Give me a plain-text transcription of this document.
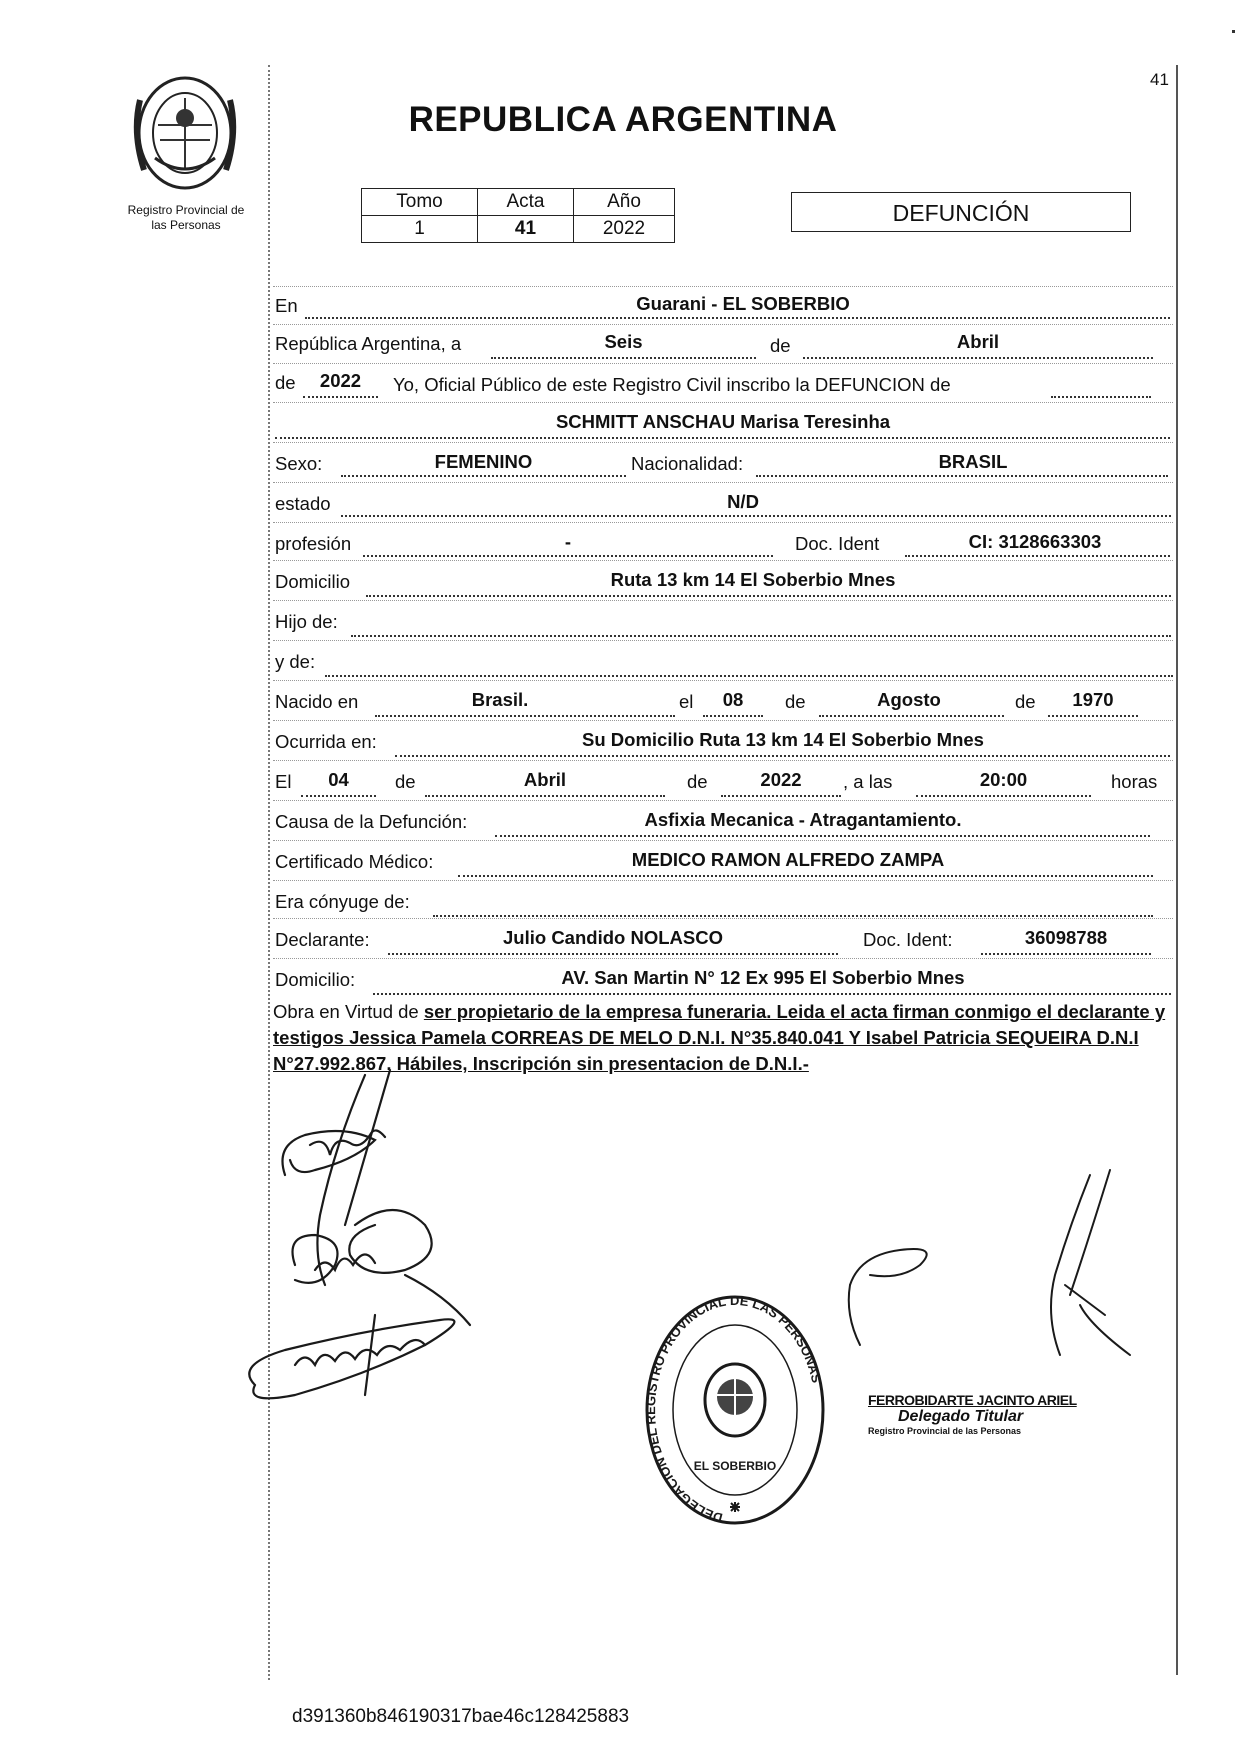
Registro Provincial de
las Personas
41
REPUBLICA ARGENTINA
Tomo	Acta	Año
1	41	2022
DEFUNCIÓN
En	Guarani - EL SOBERBIO
República Argentina, a	Seis	de	Abril
de	2022	Yo, Oficial Público de este Registro Civil inscribo la DEFUNCION de
SCHMITT ANSCHAU Marisa Teresinha
Sexo:	FEMENINO	Nacionalidad:	BRASIL
estado	N/D
profesión	-	Doc. Ident	CI: 3128663303
Domicilio	Ruta 13 km 14 El Soberbio Mnes
Hijo de:
y de:
Nacido en	Brasil.	el	08	de	Agosto	de	1970
Ocurrida en:	Su Domicilio Ruta 13 km 14 El Soberbio Mnes
El	04	de	Abril	de	2022	, a las	20:00	horas
Causa de la Defunción:	Asfixia Mecanica - Atragantamiento.
Certificado Médico:	MEDICO RAMON ALFREDO ZAMPA
Era cónyuge de:
Declarante:	Julio Candido NOLASCO	Doc. Ident:	36098788
Domicilio:	AV. San Martin N° 12 Ex 995 El Soberbio Mnes
Obra en Virtud de ser propietario de la empresa funeraria. Leida el acta firman conmigo el declarante y testigos Jessica Pamela CORREAS DE MELO D.N.I. N°35.840.041 Y Isabel Patricia SEQUEIRA D.N.I N°27.992.867. Hábiles, Inscripción sin presentacion de D.N.I.-
DELEGACION DEL REGISTRO PROVINCIAL DE LAS PERSONAS
EL SOBERBIO
FERROBIDARTE JACINTO ARIEL
Delegado Titular
Registro Provincial de las Personas
d391360b846190317bae46c128425883
